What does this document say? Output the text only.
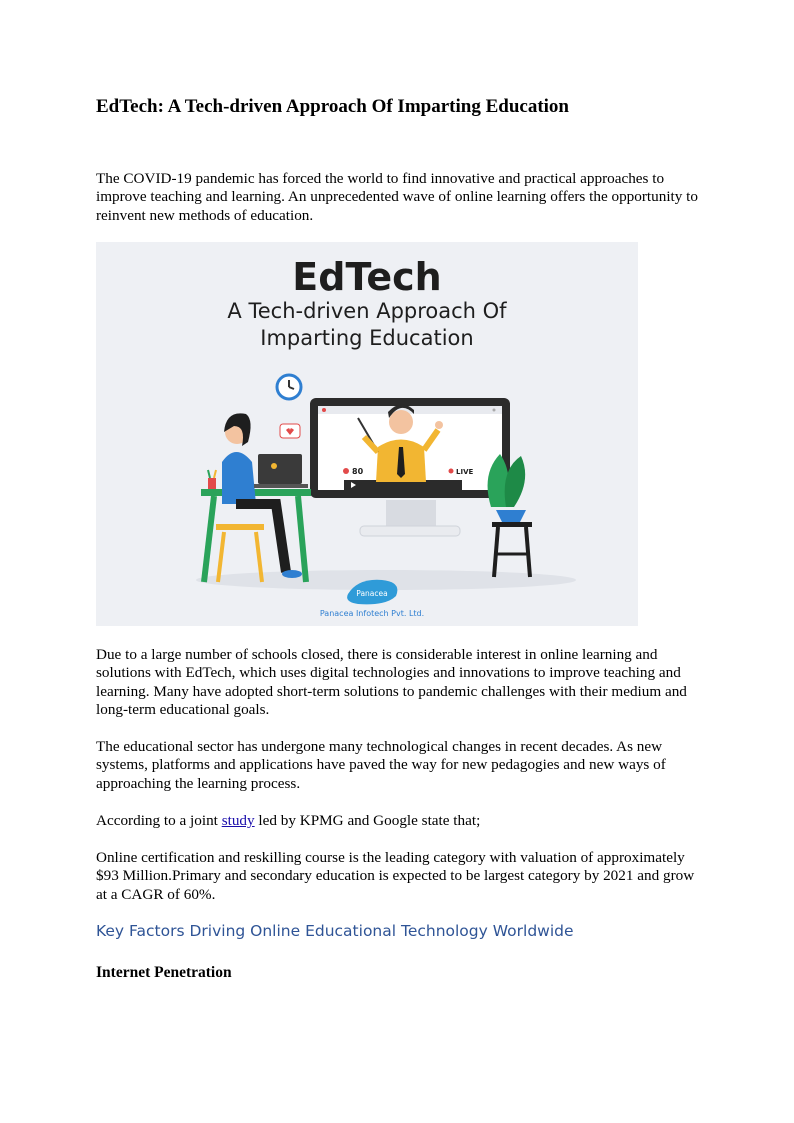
EdTech: A Tech-driven Approach Of Imparting Education

The COVID-19 pandemic has forced the world to find innovative and practical approaches to improve teaching and learning. An unprecedented wave of online learning offers the opportunity to reinvent new methods of education.

EdTech
A Tech-driven Approach Of
Imparting Education
80	LIVE
Panacea
Panacea Infotech Pvt. Ltd.

Due to a large number of schools closed, there is considerable interest in online learning and solutions with EdTech, which uses digital technologies and innovations to improve teaching and learning. Many have adopted short-term solutions to pandemic challenges with their medium and long-term educational goals.

The educational sector has undergone many technological changes in recent decades. As new systems, platforms and applications have paved the way for new pedagogies and new ways of approaching the learning process.

According to a joint study led by KPMG and Google state that;

Online certification and reskilling course is the leading category with valuation of approximately $93 Million.Primary and secondary education is expected to be largest category by 2021 and grow at a CAGR of 60%.

Key Factors Driving Online Educational Technology Worldwide
Internet Penetration
